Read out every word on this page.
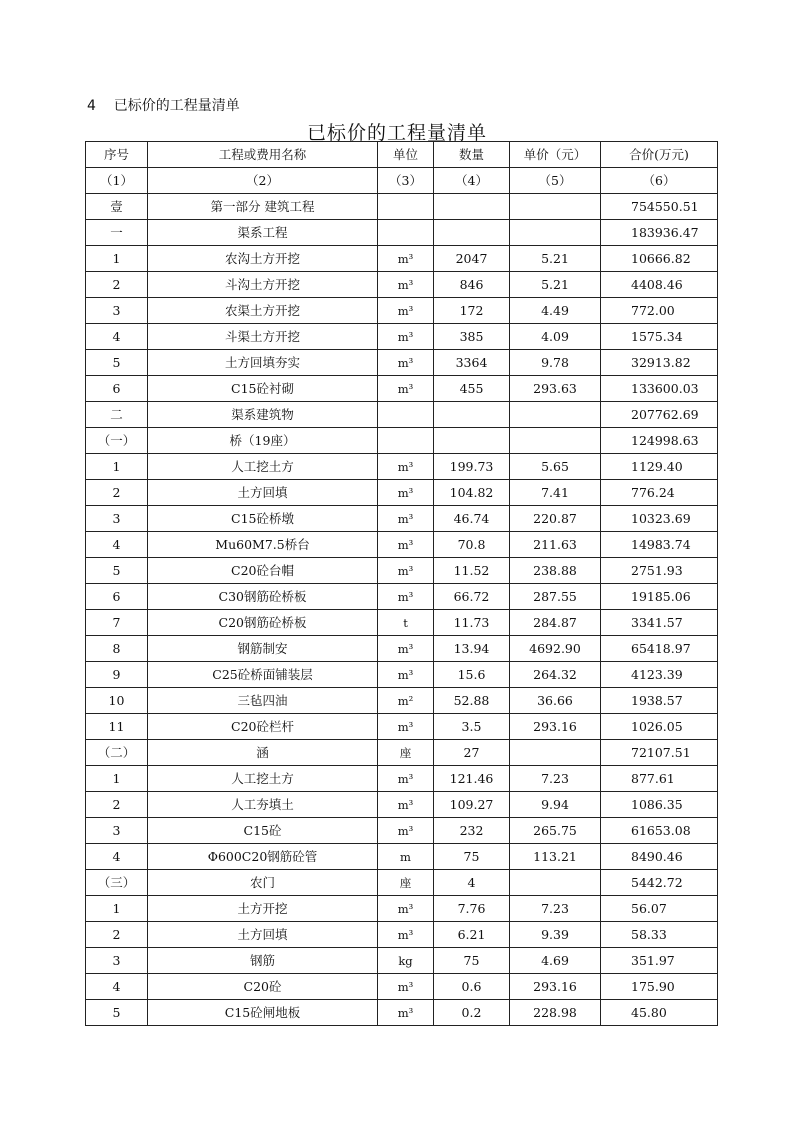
4 已标价的工程量清单
已标价的工程量清单
序号	工程或费用名称	单位	数量	单价（元）	合价(万元)
（1）	（2）	（3）	（4）	（5）	（6）
壹	第一部分 建筑工程				754550.51
一	渠系工程				183936.47
1	农沟土方开挖	m³	2047	5.21	10666.82
2	斗沟土方开挖	m³	846	5.21	4408.46
3	农渠土方开挖	m³	172	4.49	772.00
4	斗渠土方开挖	m³	385	4.09	1575.34
5	土方回填夯实	m³	3364	9.78	32913.82
6	C15砼衬砌	m³	455	293.63	133600.03
二	渠系建筑物				207762.69
（一）	桥（19座）				124998.63
1	人工挖土方	m³	199.73	5.65	1129.40
2	土方回填	m³	104.82	7.41	776.24
3	C15砼桥墩	m³	46.74	220.87	10323.69
4	Mu60M7.5桥台	m³	70.8	211.63	14983.74
5	C20砼台帽	m³	11.52	238.88	2751.93
6	C30钢筋砼桥板	m³	66.72	287.55	19185.06
7	C20钢筋砼桥板	t	11.73	284.87	3341.57
8	钢筋制安	m³	13.94	4692.90	65418.97
9	C25砼桥面铺装层	m³	15.6	264.32	4123.39
10	三毡四油	m²	52.88	36.66	1938.57
11	C20砼栏杆	m³	3.5	293.16	1026.05
（二）	涵	座	27		72107.51
1	人工挖土方	m³	121.46	7.23	877.61
2	人工夯填土	m³	109.27	9.94	1086.35
3	C15砼	m³	232	265.75	61653.08
4	Φ600C20钢筋砼管	m	75	113.21	8490.46
（三）	农门	座	4		5442.72
1	土方开挖	m³	7.76	7.23	56.07
2	土方回填	m³	6.21	9.39	58.33
3	钢筋	kg	75	4.69	351.97
4	C20砼	m³	0.6	293.16	175.90
5	C15砼闸地板	m³	0.2	228.98	45.80
